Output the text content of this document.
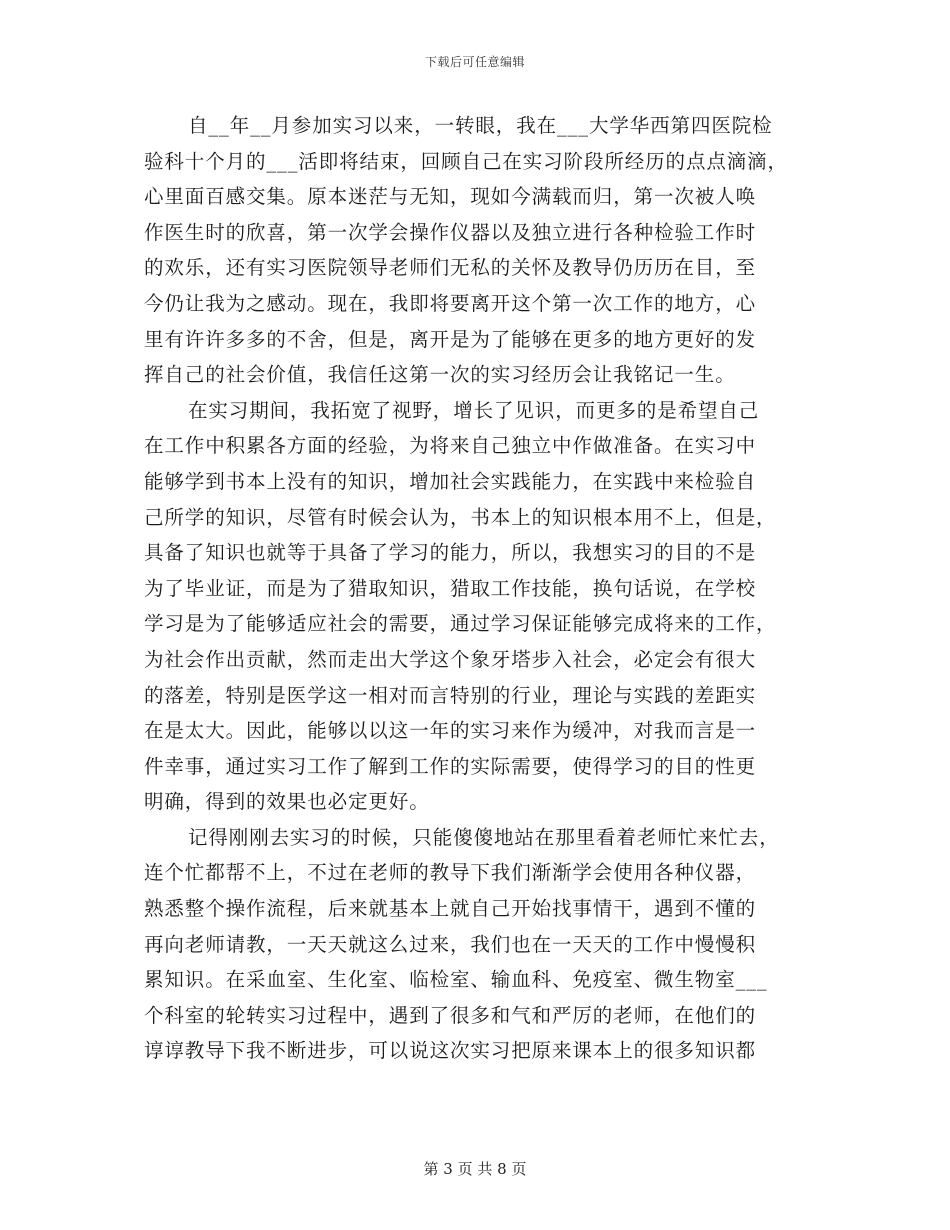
下载后可任意编辑
自__年__月参加实习以来，一转眼，我在___大学华西第四医院检
验科十个月的___活即将结束，回顾自己在实习阶段所经历的点点滴滴，
心里面百感交集。原本迷茫与无知，现如今满载而归，第一次被人唤
作医生时的欣喜，第一次学会操作仪器以及独立进行各种检验工作时
的欢乐，还有实习医院领导老师们无私的关怀及教导仍历历在目，至
今仍让我为之感动。现在，我即将要离开这个第一次工作的地方，心
里有许许多多的不舍，但是，离开是为了能够在更多的地方更好的发
挥自己的社会价值，我信任这第一次的实习经历会让我铭记一生。
在实习期间，我拓宽了视野，增长了见识，而更多的是希望自己
在工作中积累各方面的经验，为将来自己独立中作做准备。在实习中
能够学到书本上没有的知识，增加社会实践能力，在实践中来检验自
己所学的知识，尽管有时候会认为，书本上的知识根本用不上，但是，
具备了知识也就等于具备了学习的能力，所以，我想实习的目的不是
为了毕业证，而是为了猎取知识，猎取工作技能，换句话说，在学校
学习是为了能够适应社会的需要，通过学习保证能够完成将来的工作，
为社会作出贡献，然而走出大学这个象牙塔步入社会，必定会有很大
的落差，特别是医学这一相对而言特别的行业，理论与实践的差距实
在是太大。因此，能够以以这一年的实习来作为缓冲，对我而言是一
件幸事，通过实习工作了解到工作的实际需要，使得学习的目的性更
明确，得到的效果也必定更好。
记得刚刚去实习的时候，只能傻傻地站在那里看着老师忙来忙去，
连个忙都帮不上，不过在老师的教导下我们渐渐学会使用各种仪器，
熟悉整个操作流程，后来就基本上就自己开始找事情干，遇到不懂的
再向老师请教，一天天就这么过来，我们也在一天天的工作中慢慢积
累知识。在采血室、生化室、临检室、输血科、免疫室、微生物室___
个科室的轮转实习过程中，遇到了很多和气和严厉的老师，在他们的
谆谆教导下我不断进步，可以说这次实习把原来课本上的很多知识都
第 3 页 共 8 页
